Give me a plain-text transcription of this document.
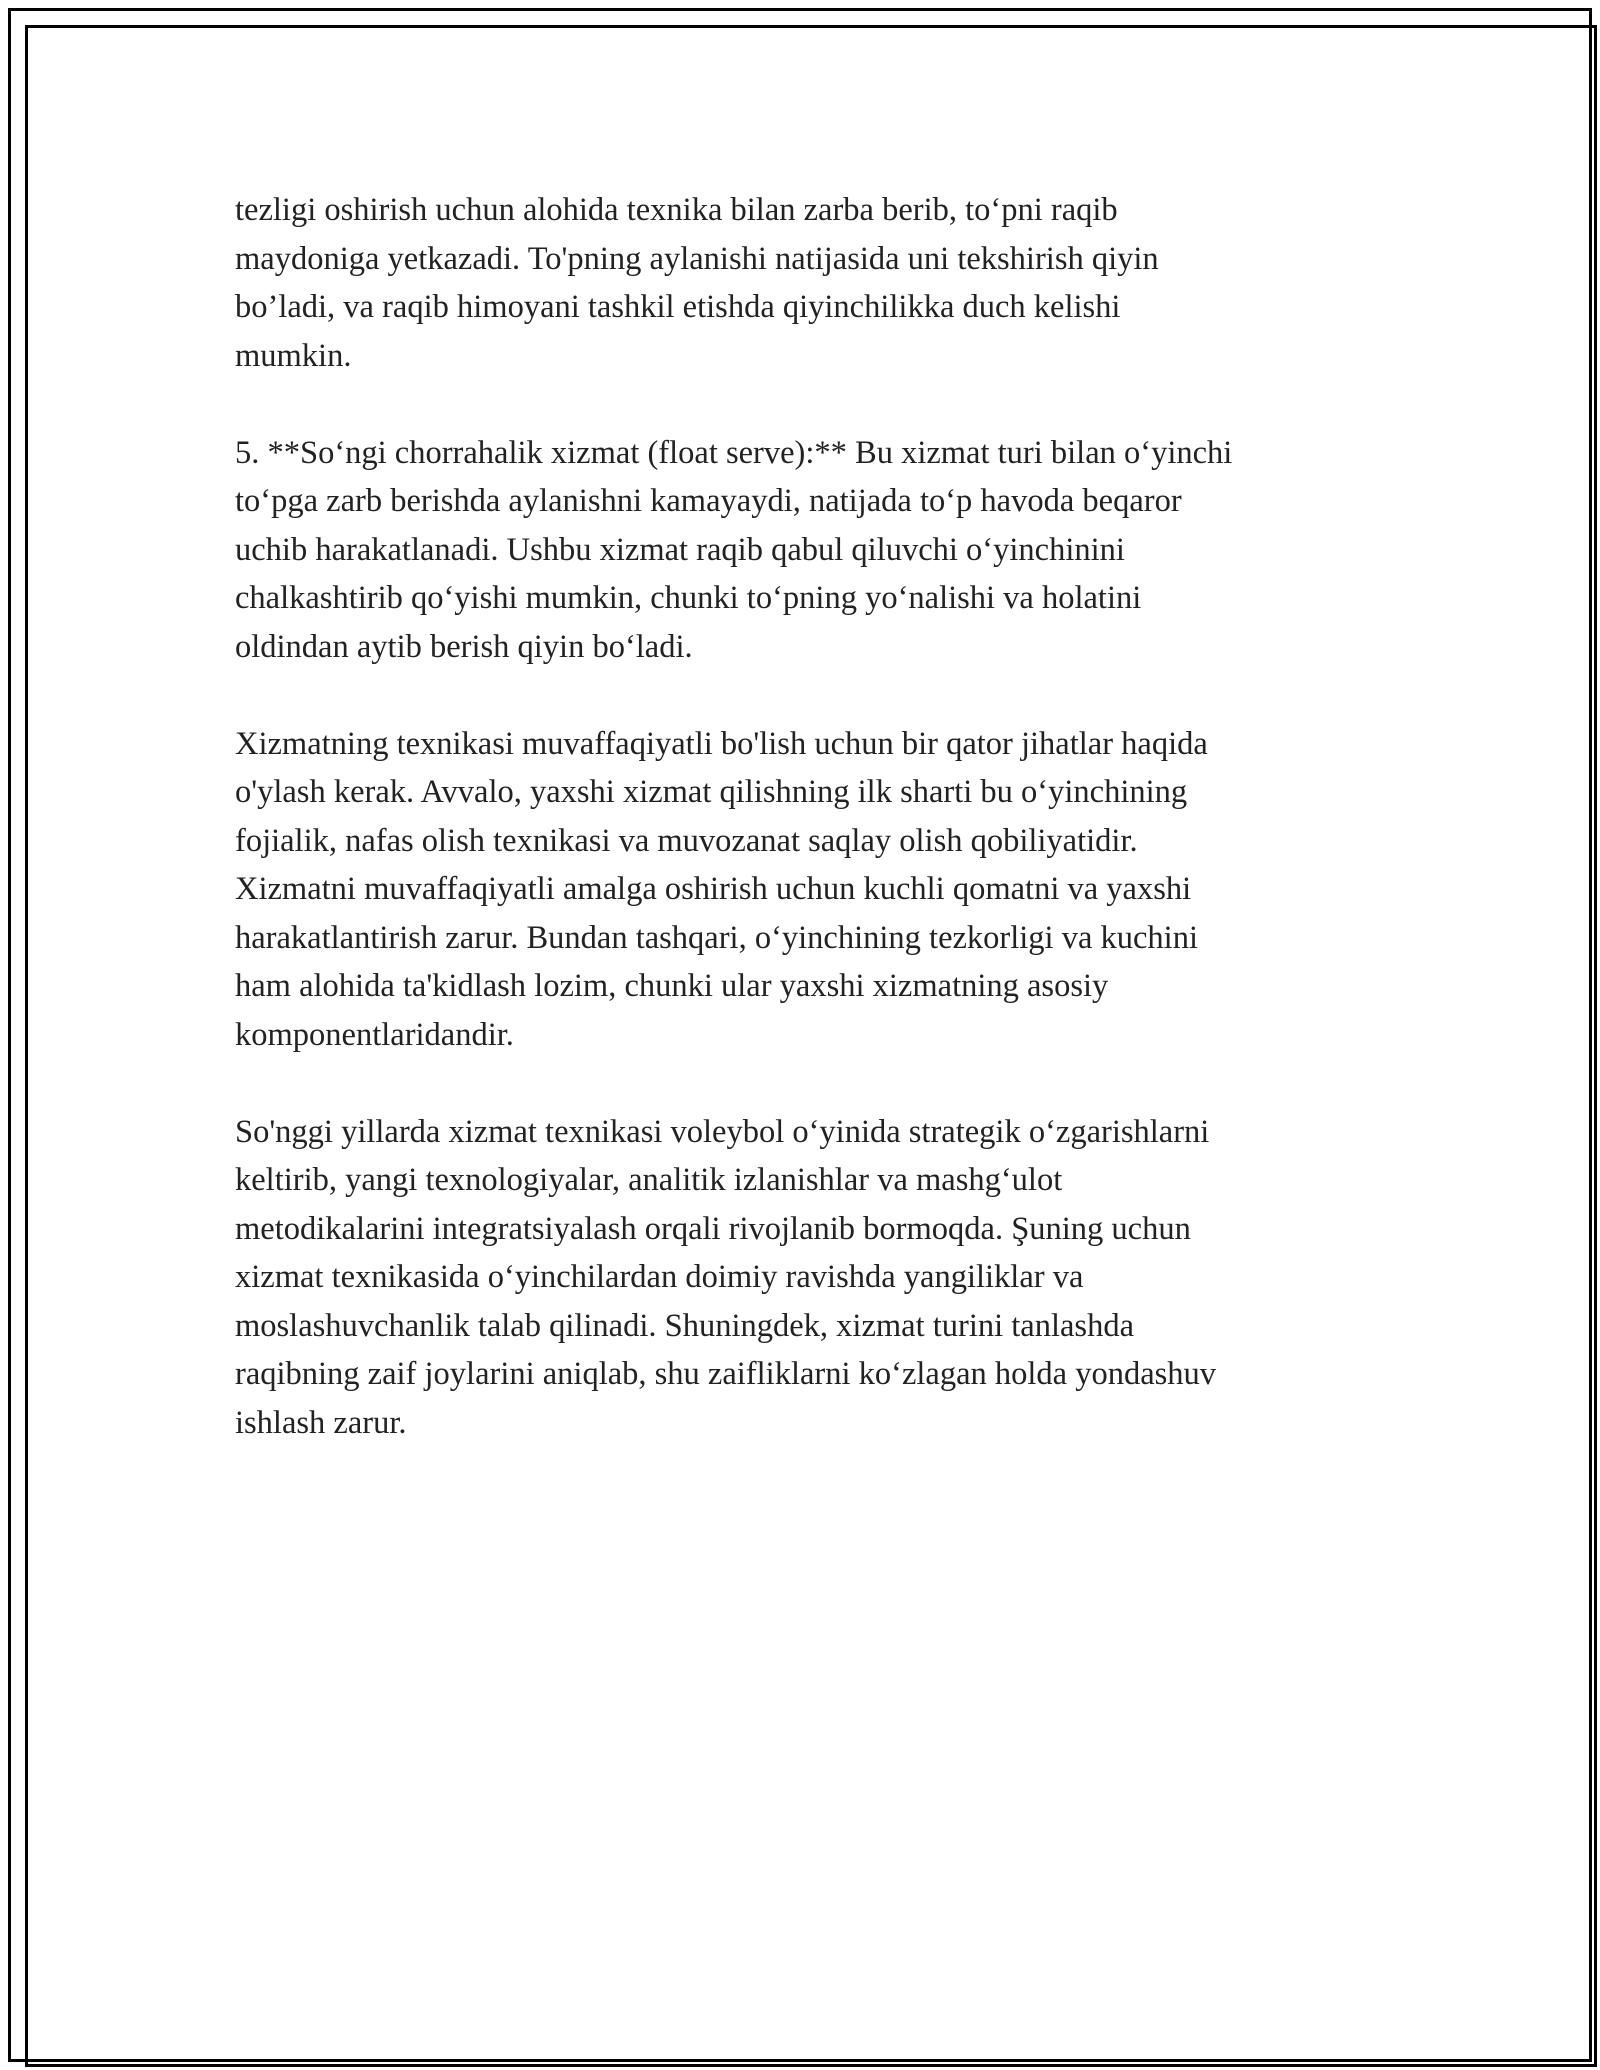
tezligi oshirish uchun alohida texnika bilan zarba berib, to‘pni raqib
maydoniga yetkazadi. To'pning aylanishi natijasida uni tekshirish qiyin
bo’ladi, va raqib himoyani tashkil etishda qiyinchilikka duch kelishi
mumkin.

5. **So‘ngi chorrahalik xizmat (float serve):** Bu xizmat turi bilan o‘yinchi
to‘pga zarb berishda aylanishni kamayaydi, natijada to‘p havoda beqaror
uchib harakatlanadi. Ushbu xizmat raqib qabul qiluvchi o‘yinchinini
chalkashtirib qo‘yishi mumkin, chunki to‘pning yo‘nalishi va holatini
oldindan aytib berish qiyin bo‘ladi.

Xizmatning texnikasi muvaffaqiyatli bo'lish uchun bir qator jihatlar haqida
o'ylash kerak. Avvalo, yaxshi xizmat qilishning ilk sharti bu o‘yinchining
fojialik, nafas olish texnikasi va muvozanat saqlay olish qobiliyatidir.
Xizmatni muvaffaqiyatli amalga oshirish uchun kuchli qomatni va yaxshi
harakatlantirish zarur. Bundan tashqari, o‘yinchining tezkorligi va kuchini
ham alohida ta'kidlash lozim, chunki ular yaxshi xizmatning asosiy
komponentlaridandir.

So'nggi yillarda xizmat texnikasi voleybol o‘yinida strategik o‘zgarishlarni
keltirib, yangi texnologiyalar, analitik izlanishlar va mashg‘ulot
metodikalarini integratsiyalash orqali rivojlanib bormoqda. Şuning uchun
xizmat texnikasida o‘yinchilardan doimiy ravishda yangiliklar va
moslashuvchanlik talab qilinadi. Shuningdek, xizmat turini tanlashda
raqibning zaif joylarini aniqlab, shu zaifliklarni ko‘zlagan holda yondashuv
ishlash zarur.
